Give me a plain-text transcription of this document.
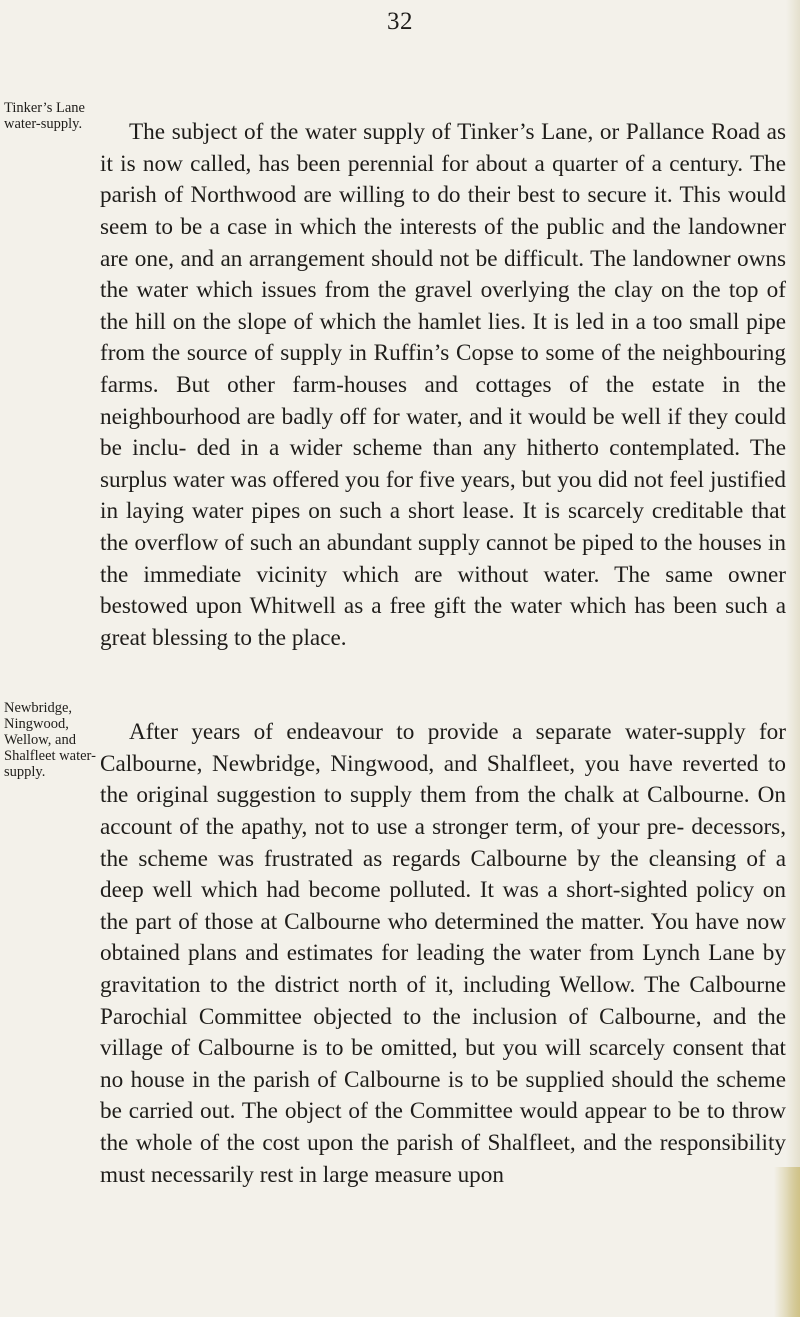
32
Tinker’s Lane water-supply.	The subject of the water supply of Tinker’s Lane, or Pallance Road as it is now called, has been perennial for about a quarter of a century. The parish of Northwood are willing to do their best to secure it. This would seem to be a case in which the interests of the public and the landowner are one, and an arrangement should not be difficult. The landowner owns the water which issues from the gravel overlying the clay on the top of the hill on the slope of which the hamlet lies. It is led in a too small pipe from the source of supply in Ruffin’s Copse to some of the neighbouring farms. But other farm-houses and cottages of the estate in the neighbourhood are badly off for water, and it would be well if they could be inclu- ded in a wider scheme than any hitherto contemplated. The surplus water was offered you for five years, but you did not feel justified in laying water pipes on such a short lease. It is scarcely creditable that the overflow of such an abundant supply cannot be piped to the houses in the immediate vicinity which are without water. The same owner bestowed upon Whitwell as a free gift the water which has been such a great blessing to the place.

Newbridge, Ningwood, Wellow, and Shalfleet water-supply.

After years of endeavour to provide a separate water-supply for Calbourne, Newbridge, Ningwood, and Shalfleet, you have reverted to the original suggestion to supply them from the chalk at Calbourne. On account of the apathy, not to use a stronger term, of your pre- decessors, the scheme was frustrated as regards Calbourne by the cleansing of a deep well which had become polluted. It was a short-sighted policy on the part of those at Calbourne who determined the matter. You have now obtained plans and estimates for leading the water from Lynch Lane by gravitation to the district north of it, including Wellow. The Calbourne Parochial Committee objected to the inclusion of Calbourne, and the village of Calbourne is to be omitted, but you will scarcely consent that no house in the parish of Calbourne is to be supplied should the scheme be carried out. The object of the Committee would appear to be to throw the whole of the cost upon the parish of Shalfleet, and the responsibility must necessarily rest in large measure upon
